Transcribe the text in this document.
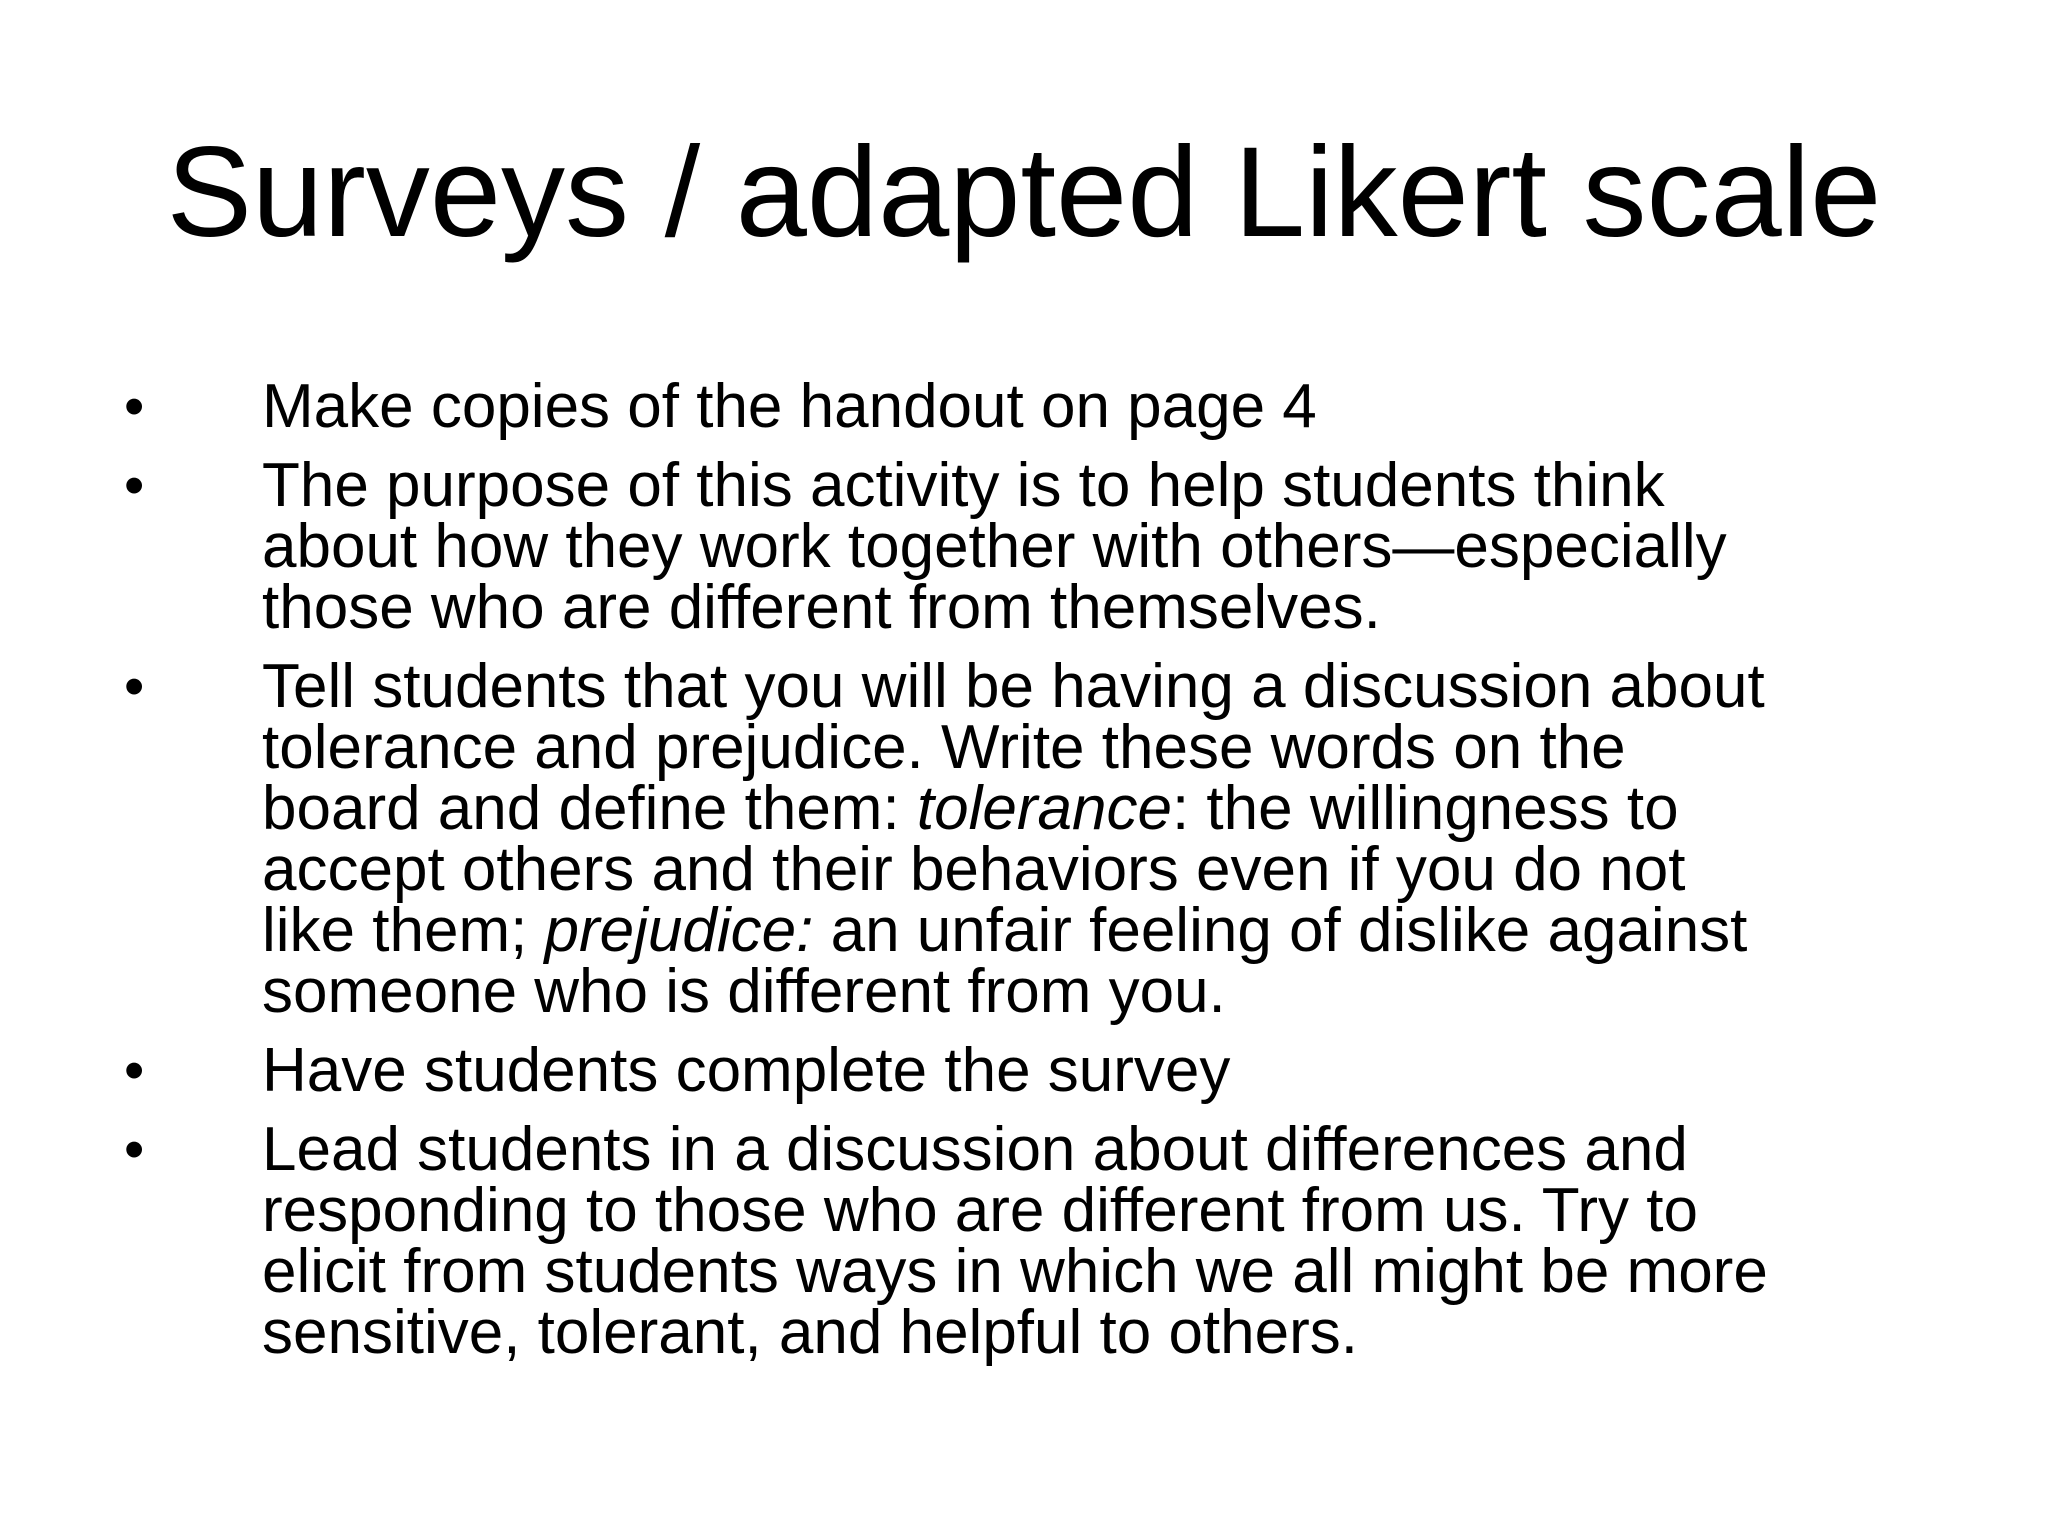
Surveys / adapted Likert scale
• Make copies of the handout on page 4
• The purpose of this activity is to help students think
about how they work together with others—especially
those who are different from themselves.
• Tell students that you will be having a discussion about
tolerance and prejudice. Write these words on the
board and define them: tolerance: the willingness to
accept others and their behaviors even if you do not
like them; prejudice: an unfair feeling of dislike against
someone who is different from you.
• Have students complete the survey
• Lead students in a discussion about differences and
responding to those who are different from us. Try to
elicit from students ways in which we all might be more
sensitive, tolerant, and helpful to others.
